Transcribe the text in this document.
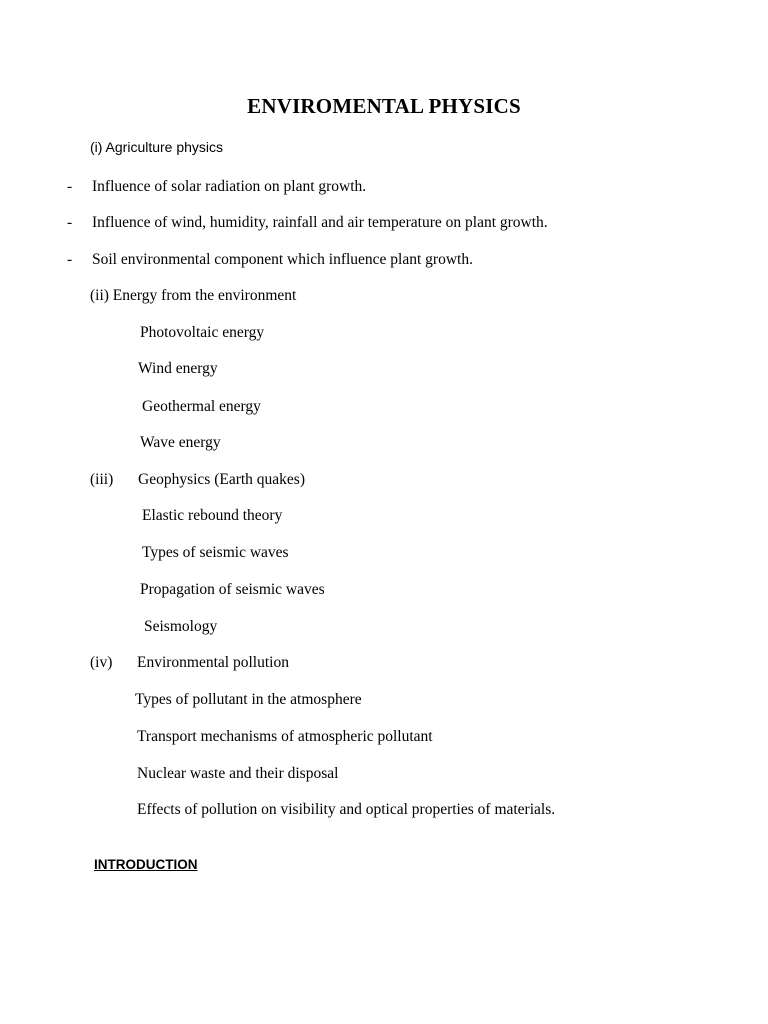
ENVIROMENTAL PHYSICS
(i) Agriculture physics
- Influence of solar radiation on plant growth.
- Influence of wind, humidity, rainfall and air temperature on plant growth.
- Soil environmental component which influence plant growth.
(ii) Energy from the environment
Photovoltaic energy
Wind energy
Geothermal energy
Wave energy
(iii) Geophysics (Earth quakes)
Elastic rebound theory
Types of seismic waves
Propagation of seismic waves
Seismology
(iv) Environmental pollution
Types of pollutant in the atmosphere
Transport mechanisms of atmospheric pollutant
Nuclear waste and their disposal
Effects of pollution on visibility and optical properties of materials.
INTRODUCTION
